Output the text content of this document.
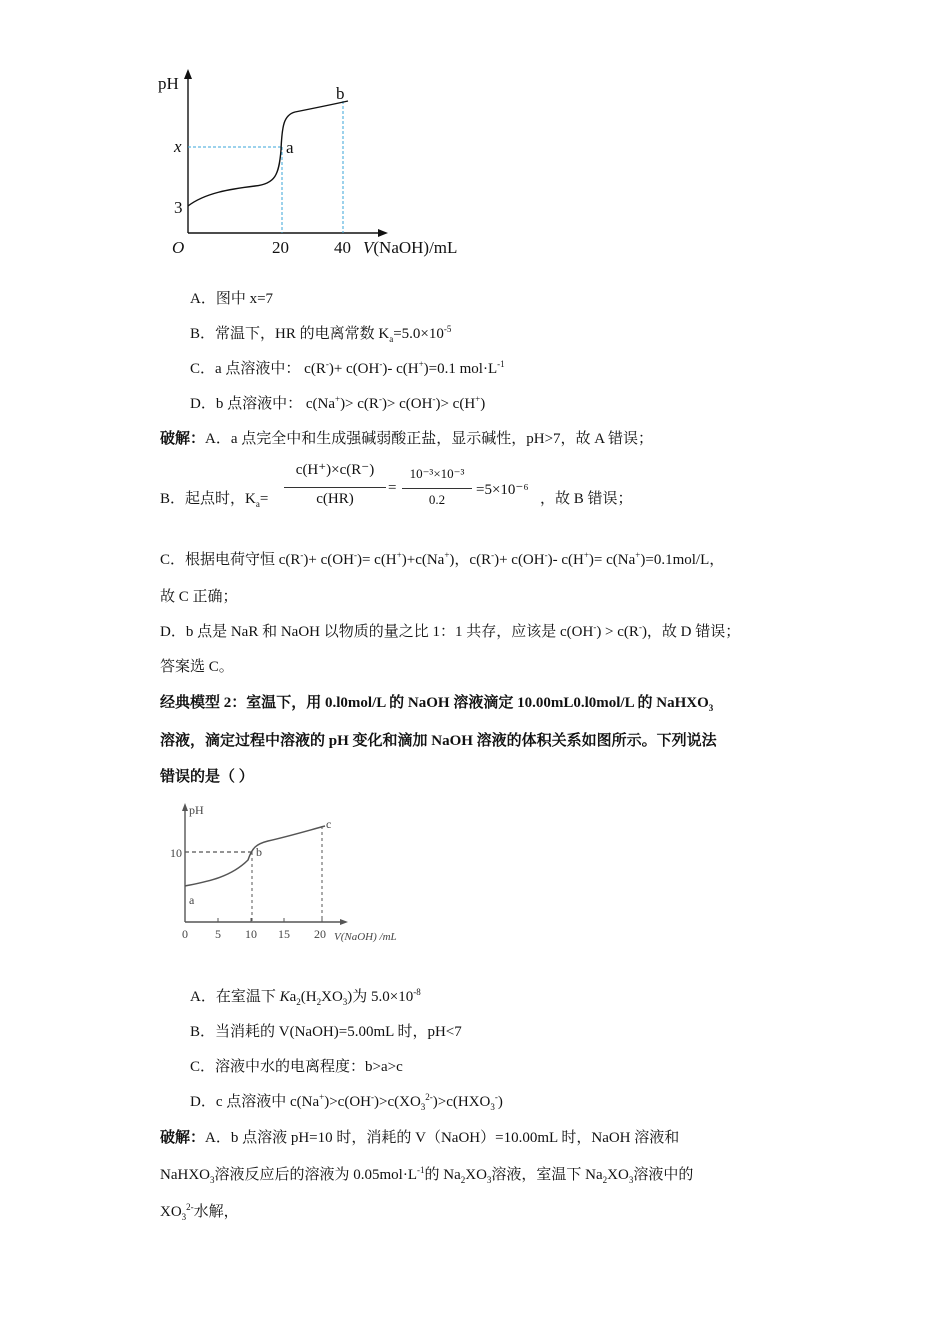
pH
x
3
O	20	40 V(NaOH)/mL
a
b
A．图中 x=7
B．常温下，HR 的电离常数 $K_a=5.0\times 10^{-5}$
C．a 点溶液中： c(R-)+ c(OH-)- c(H+)=0.1 $mol\cdot L^{-1}$
D．b 点溶液中： c(Na+)> c(R-)> c(OH-)> c(H+)
破解：A．a 点完全中和生成强碱弱酸正盐，显示碱性，pH>7，故 A 错误；
B．起点时，$K_a=$
c(H⁺)×c(R⁻)
c(HR)
=
10⁻³×10⁻³
0.2
=5×10⁻⁶
，故 B 错误；
C．根据电荷守恒 c(R-)+ c(OH-)= c(H+)+c(Na+)，c(R-)+ c(OH-)- c(H+)= c(Na+)=0.1mol/L，
故 C 正确；
D．b 点是 NaR 和 NaOH 以物质的量之比 1：1 共存，应该是 c(OH-) > c(R-)，故 D 错误；
答案选 C。
经典模型 2：室温下，用 0.l0mol/L 的 NaOH 溶液滴定 10.00mL0.l0mol/L 的 NaHXO$_3$
溶液，滴定过程中溶液的 pH 变化和滴加 NaOH 溶液的体积关系如图所示。下列说法
错误的是（ ）
pH
10
a
b
c
0 5 10 15 20 V(NaOH) /mL
A．在室温下 $Ka_2(H_2XO_3)$为 $5.0\times 10^{-8}$
B．当消耗的 V(NaOH)=5.00mL 时，pH<7
C．溶液中水的电离程度：b>a>c
D．c 点溶液中 $c(Na^+)>c(OH^-)>c(XO_3^{2-})>c(HXO_3^-)$
破解：A．b 点溶液 pH=10 时，消耗的 V（NaOH）=10.00mL 时，NaOH 溶液和
NaHXO$_3$溶液反应后的溶液为 $0.05mol\cdot L^{-1}$的 $Na_2XO_3$溶液，室温下 $Na_2XO_3$溶液中的
$XO_3^{2-}$水解，
